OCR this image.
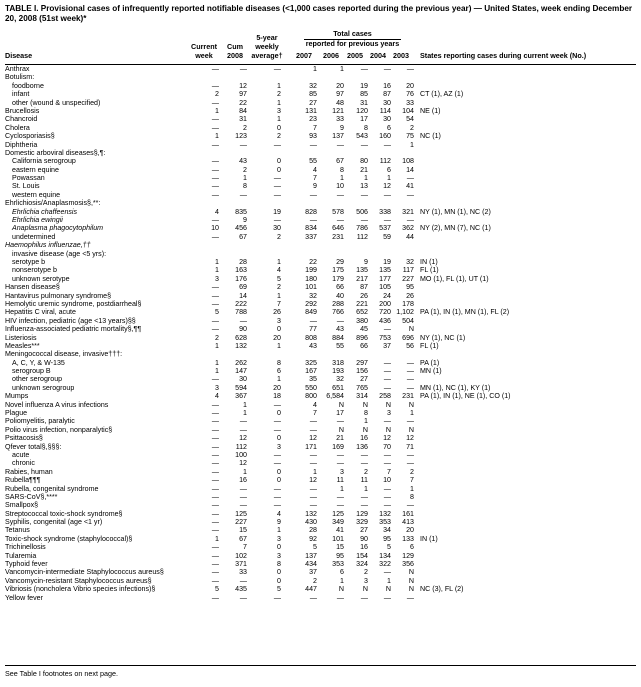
TABLE I. Provisional cases of infrequently reported notifiable diseases (<1,000 cases reported during the previous year) — United States, week ending December 20, 2008 (51st week)*
Total cases
reported for previous years
5-year
weekly
average†
Current
week
Cum
2008
Disease	2007	2006	2005 2004 2003 States reporting cases during current week (No.)
Anthrax	—	—	—	1	1	—	—	—
Botulism:
foodborne	—	12	1	32	20	19	16	20
infant	2	97	2	85	97	85	87	76 CT (1), AZ (1)
other (wound & unspecified)	—	22	1	27	48	31	30	33
Brucellosis	1	84	3	131	121	120	114	104 NE (1)
Chancroid	—	31	1	23	33	17	30	54
Cholera	—	2	0	7	9	8	6	2
Cyclosporiasis§	1	123	2	93	137	543	160	75 NC (1)
Diphtheria	—	—	—	—	—	—	—	1
Domestic arboviral diseases§,¶:
California serogroup	—	43	0	55	67	80	112	108
eastern equine	—	2	0	4	8	21	6	14
Powassan	—	1	—	7	1	1	1	—
St. Louis	—	8	—	9	10	13	12	41
western equine	—	—	—	—	—	—	—	—
Ehrlichiosis/Anaplasmosis§,**:
Ehrlichia chaffeensis	4	835	19	828	578	506	338	321 NY (1), MN (1), NC (2)
Ehrlichia ewingii	—	9	—	—	—	—	—	—
Anaplasma phagocytophilum	10	456	30	834	646	786	537	362 NY (2), MN (7), NC (1)
undetermined	—	67	2	337	231	112	59	44
Haemophilus influenzae,††
invasive disease (age <5 yrs):
serotype b	1	28	1	22	29	9	19	32 IN (1)
nonserotype b	1	163	4	199	175	135	135	117 FL (1)
unknown serotype	3	176	5	180	179	217	177	227 MO (1), FL (1), UT (1)
Hansen disease§	—	69	2	101	66	87	105	95
Hantavirus pulmonary syndrome§	—	14	1	32	40	26	24	26
Hemolytic uremic syndrome, postdiarrheal§	—	222	7	292	288	221	200	178
Hepatitis C viral, acute	5	788	26	849	766	652	720 1,102 PA (1), IN (1), MN (1), FL (2)
HIV infection, pediatric (age <13 years)§§	—	—	3	—	—	380	436	504
Influenza-associated pediatric mortality§,¶¶	—	90	0	77	43	45	—	N
Listeriosis	2	628	20	808	884	896	753	696 NY (1), NC (1)
Measles***	1	132	1	43	55	66	37	56 FL (1)
Meningococcal disease, invasive†††:
A, C, Y, & W-135	1	262	8	325	318	297	—	— PA (1)
serogroup B	1	147	6	167	193	156	—	— MN (1)
other serogroup	—	30	1	35	32	27	—	—
unknown serogroup	3	594	20	550	651	765	—	— MN (1), NC (1), KY (1)
Mumps	4	367	18	800	6,584	314	258	231 PA (1), IN (1), NE (1), CO (1)
Novel influenza A virus infections	—	1	—	4	N	N	N	N
Plague	—	1	0	7	17	8	3	1
Poliomyelitis, paralytic	—	—	—	—	—	1	—	—
Polio virus infection, nonparalytic§	—	—	—	—	N	N	N	N
Psittacosis§	—	12	0	12	21	16	12	12
Qfever total§,§§§:	—	112	3	171	169	136	70	71
acute	—	100	—	—	—	—	—	—
chronic	—	12	—	—	—	—	—	—
Rabies, human	—	1	0	1	3	2	7	2
Rubella¶¶¶	—	16	0	12	11	11	10	7
Rubella, congenital syndrome	—	—	—	—	1	1	—	1
SARS-CoV§,****	—	—	—	—	—	—	—	8
Smallpox§	—	—	—	—	—	—	—	—
Streptococcal toxic-shock syndrome§	—	125	4	132	125	129	132	161
Syphilis, congenital (age <1 yr)	—	227	9	430	349	329	353	413
Tetanus	—	15	1	28	41	27	34	20
Toxic-shock syndrome (staphylococcal)§	1	67	3	92	101	90	95	133 IN (1)
Trichinellosis	—	7	0	5	15	16	5	6
Tularemia	—	102	3	137	95	154	134	129
Typhoid fever	—	371	8	434	353	324	322	356
Vancomycin-intermediate Staphylococcus aureus§	—	33	0	37	6	2	—	N
Vancomycin-resistant Staphylococcus aureus§	—	—	0	2	1	3	1	N
Vibriosis (noncholera Vibrio species infections)§	5	435	5	447	N	N	N	N NC (3), FL (2)
Yellow fever	—	—	—	—	—	—	—	—
See Table I footnotes on next page.
